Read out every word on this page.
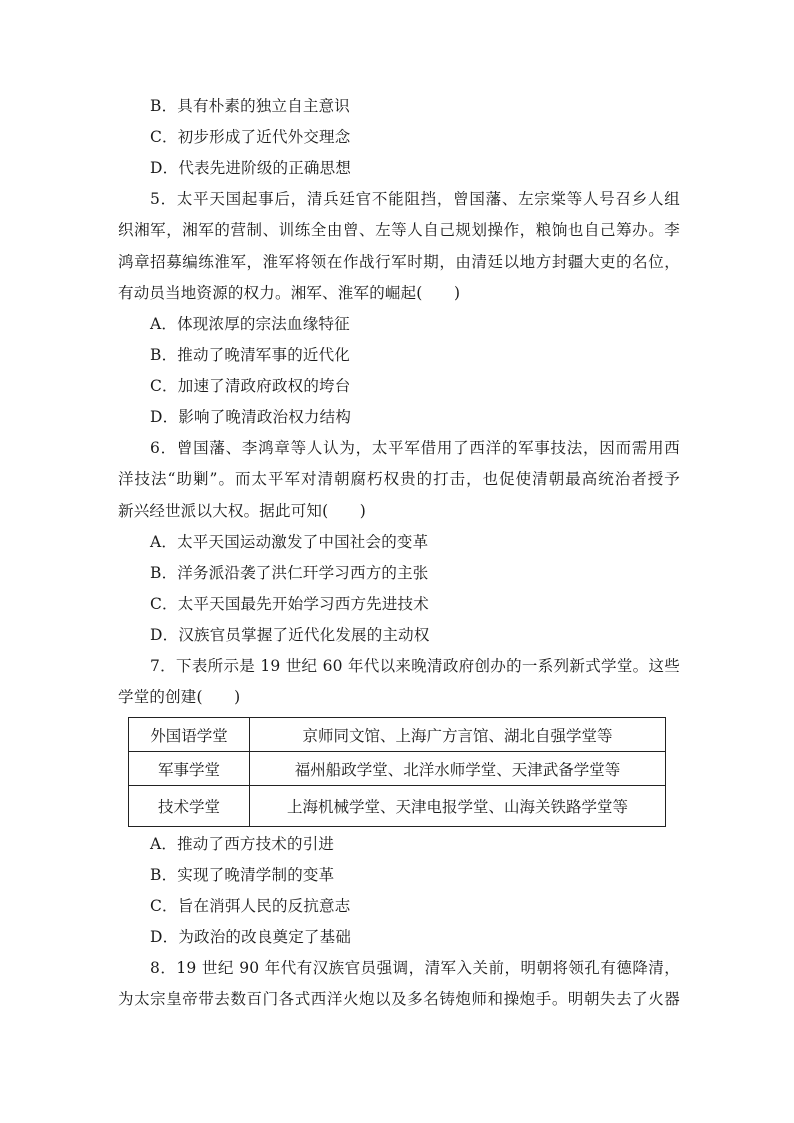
B．具有朴素的独立自主意识
C．初步形成了近代外交理念
D．代表先进阶级的正确思想
5．太平天国起事后，清兵廷官不能阻挡，曾国藩、左宗棠等人号召乡人组
织湘军，湘军的营制、训练全由曾、左等人自己规划操作，粮饷也自己筹办。李
鸿章招募编练淮军，淮军将领在作战行军时期，由清廷以地方封疆大吏的名位，
有动员当地资源的权力。湘军、淮军的崛起(　　)
A．体现浓厚的宗法血缘特征
B．推动了晚清军事的近代化
C．加速了清政府政权的垮台
D．影响了晚清政治权力结构
6．曾国藩、李鸿章等人认为，太平军借用了西洋的军事技法，因而需用西
洋技法“助剿”。而太平军对清朝腐朽权贵的打击，也促使清朝最高统治者授予
新兴经世派以大权。据此可知(　　)
A．太平天国运动激发了中国社会的变革
B．洋务派沿袭了洪仁玕学习西方的主张
C．太平天国最先开始学习西方先进技术
D．汉族官员掌握了近代化发展的主动权
7．下表所示是 19 世纪 60 年代以来晚清政府创办的一系列新式学堂。这些
学堂的创建(　　)
外国语学堂	京师同文馆、上海广方言馆、湖北自强学堂等
军事学堂	福州船政学堂、北洋水师学堂、天津武备学堂等
技术学堂	上海机械学堂、天津电报学堂、山海关铁路学堂等
A．推动了西方技术的引进
B．实现了晚清学制的变革
C．旨在消弭人民的反抗意志
D．为政治的改良奠定了基础
8．19 世纪 90 年代有汉族官员强调，清军入关前，明朝将领孔有德降清，
为太宗皇帝带去数百门各式西洋火炮以及多名铸炮师和操炮手。明朝失去了火器
